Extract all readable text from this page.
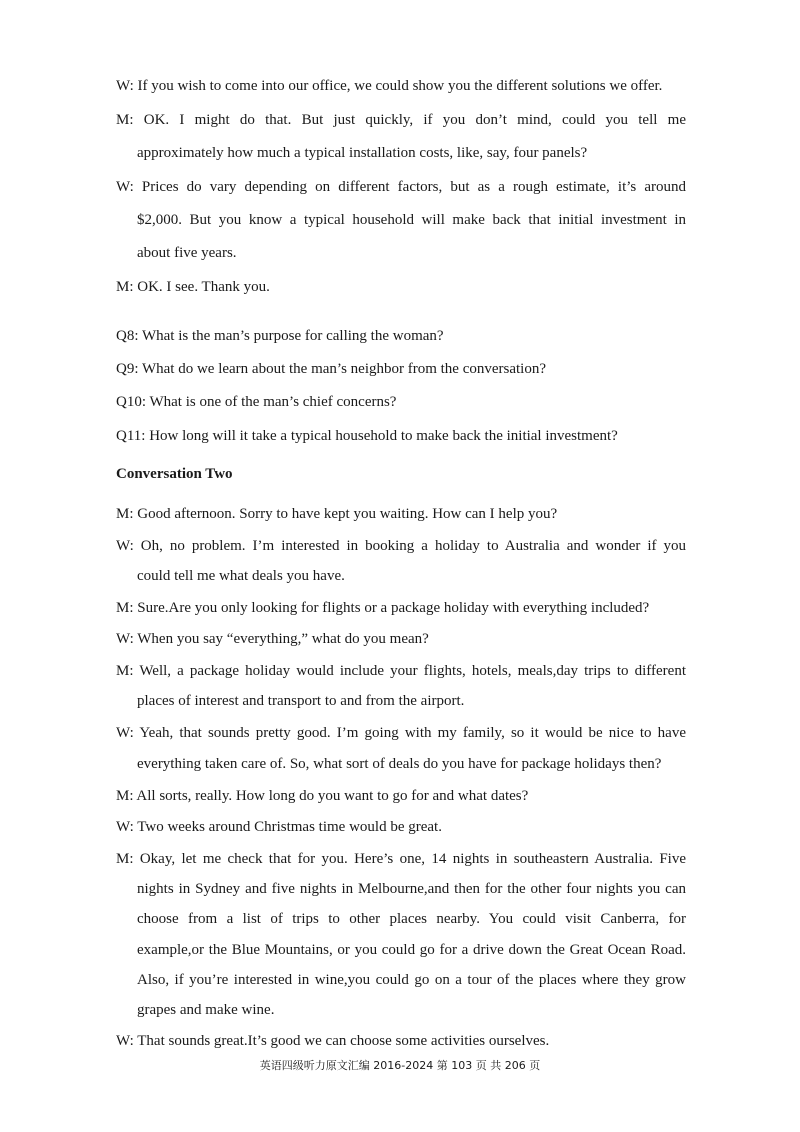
W: If you wish to come into our office, we could show you the different solutions we offer.
M: OK. I might do that. But just quickly, if you don’t mind, could you tell me
approximately how much a typical installation costs, like, say, four panels?
W: Prices do vary depending on different factors, but as a rough estimate, it’s around
$2,000. But you know a typical household will make back that initial investment in
about five years.
M: OK. I see. Thank you.
Q8: What is the man’s purpose for calling the woman?
Q9: What do we learn about the man’s neighbor from the conversation?
Q10: What is one of the man’s chief concerns?
Q11: How long will it take a typical household to make back the initial investment?
Conversation Two
M: Good afternoon. Sorry to have kept you waiting. How can I help you?
W: Oh, no problem. I’m interested in booking a holiday to Australia and wonder if you
could tell me what deals you have.
M: Sure.Are you only looking for flights or a package holiday with everything included?
W: When you say “everything,” what do you mean?
M: Well, a package holiday would include your flights, hotels, meals,day trips to different
places of interest and transport to and from the airport.
W: Yeah, that sounds pretty good. I’m going with my family, so it would be nice to have
everything taken care of. So, what sort of deals do you have for package holidays then?
M: All sorts, really. How long do you want to go for and what dates?
W: Two weeks around Christmas time would be great.
M: Okay, let me check that for you. Here’s one, 14 nights in southeastern Australia. Five
nights in Sydney and five nights in Melbourne,and then for the other four nights you can
choose from a list of trips to other places nearby. You could visit Canberra, for
example,or the Blue Mountains, or you could go for a drive down the Great Ocean Road.
Also, if you’re interested in wine,you could go on a tour of the places where they grow
grapes and make wine.
W: That sounds great.It’s good we can choose some activities ourselves.
英语四级听力原文汇编 2016-2024 第 103 页 共 206 页
